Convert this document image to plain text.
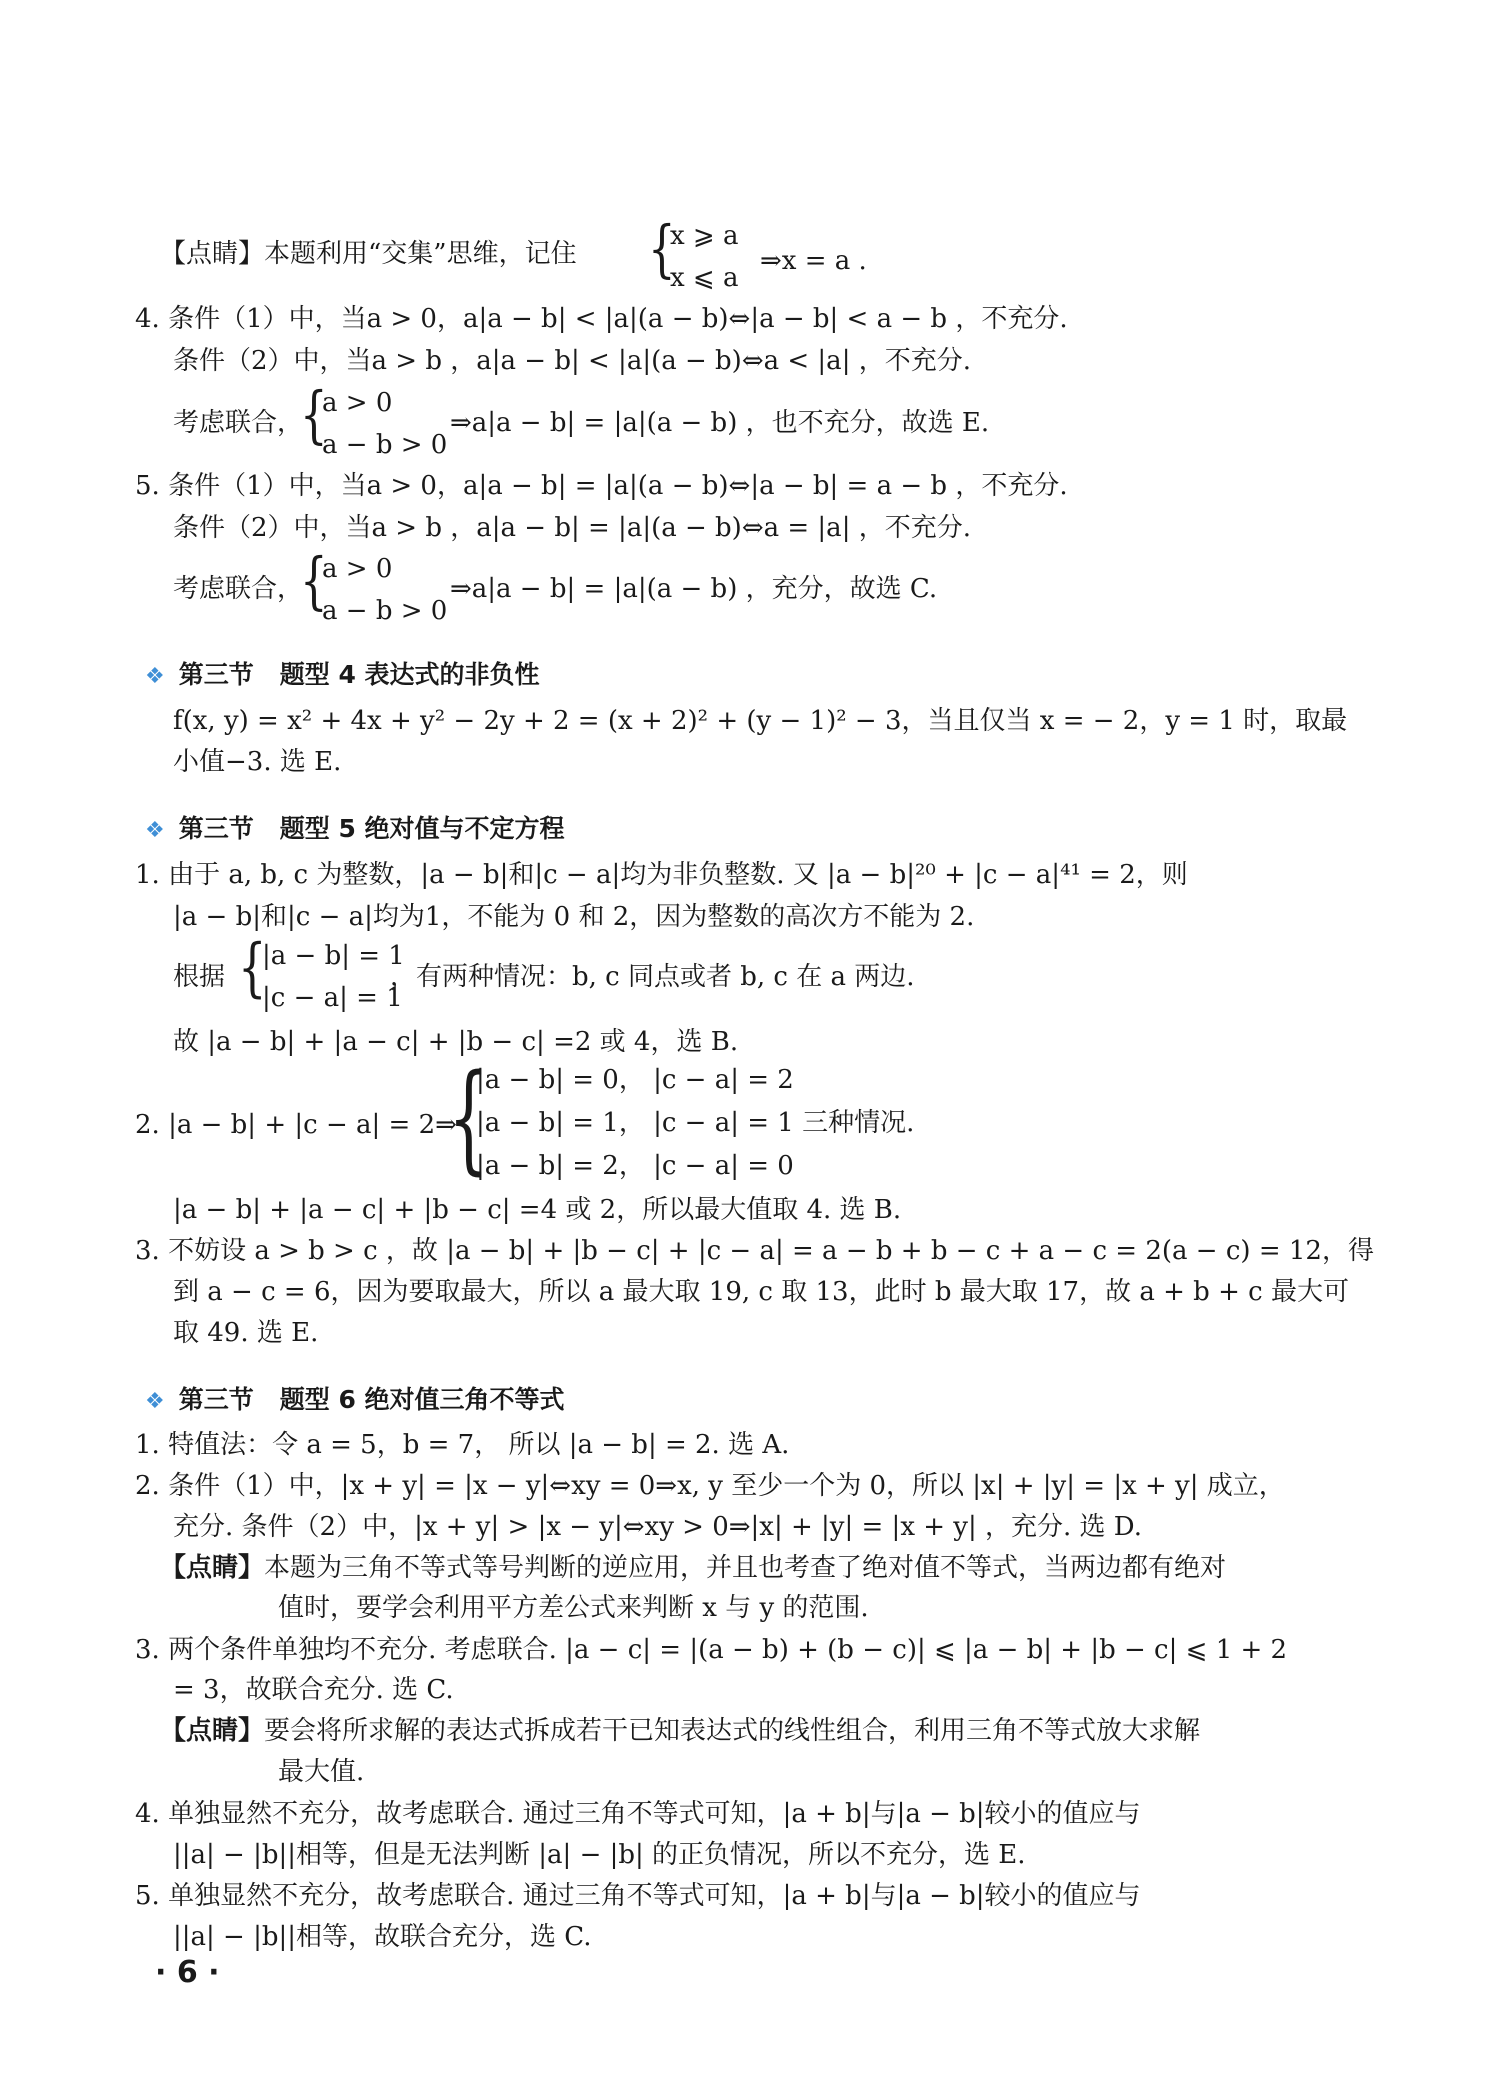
【点睛】本题利用“交集”思维，记住 {
x ⩾ a
x ⩽ a
⇒x = a .
4. 条件（1）中，当a > 0，a|a − b| < |a|(a − b)⇔|a − b| < a − b ，不充分.
条件（2）中，当a > b ，a|a − b| < |a|(a − b)⇔a < |a| ，不充分.
考虑联合，
{
a > 0
a − b > 0
⇒a|a − b| = |a|(a − b) ，也不充分，故选 E.
5. 条件（1）中，当a > 0，a|a − b| = |a|(a − b)⇔|a − b| = a − b ，不充分.
条件（2）中，当a > b ，a|a − b| = |a|(a − b)⇔a = |a| ，不充分.
考虑联合，
{
a > 0
a − b > 0
⇒a|a − b| = |a|(a − b) ，充分，故选 C.
❖ 第三节 题型 4 表达式的非负性
f(x, y) = x² + 4x + y² − 2y + 2 = (x + 2)² + (y − 1)² − 3，当且仅当 x = − 2，y = 1 时，取最
小值−3. 选 E.
❖ 第三节 题型 5 绝对值与不定方程
1. 由于 a, b, c 为整数，|a − b|和|c − a|均为非负整数. 又 |a − b|²⁰ + |c − a|⁴¹ = 2，则
|a − b|和|c − a|均为1，不能为 0 和 2，因为整数的高次方不能为 2.
根据 {
|a − b| = 1
|c − a| = 1
，有两种情况：b, c 同点或者 b, c 在 a 两边.
故 |a − b| + |a − c| + |b − c| =2 或 4，选 B.
2. |a − b| + |c − a| = 2⇒
{
|a − b| = 0， |c − a| = 2
|a − b| = 1， |c − a| = 1 三种情况.
|a − b| = 2， |c − a| = 0
|a − b| + |a − c| + |b − c| =4 或 2，所以最大值取 4. 选 B.
3. 不妨设 a > b > c ，故 |a − b| + |b − c| + |c − a| = a − b + b − c + a − c = 2(a − c) = 12，得
到 a − c = 6，因为要取最大，所以 a 最大取 19, c 取 13，此时 b 最大取 17，故 a + b + c 最大可
取 49. 选 E.
❖ 第三节 题型 6 绝对值三角不等式
1. 特值法：令 a = 5，b = 7， 所以 |a − b| = 2. 选 A.
2. 条件（1）中，|x + y| = |x − y|⇔xy = 0⇒x, y 至少一个为 0，所以 |x| + |y| = |x + y| 成立，
充分. 条件（2）中，|x + y| > |x − y|⇔xy > 0⇒|x| + |y| = |x + y| ，充分. 选 D.
【点睛】本题为三角不等式等号判断的逆应用，并且也考查了绝对值不等式，当两边都有绝对
值时，要学会利用平方差公式来判断 x 与 y 的范围.
3. 两个条件单独均不充分. 考虑联合. |a − c| = |(a − b) + (b − c)| ⩽ |a − b| + |b − c| ⩽ 1 + 2
= 3，故联合充分. 选 C.
【点睛】要会将所求解的表达式拆成若干已知表达式的线性组合，利用三角不等式放大求解
最大值.
4. 单独显然不充分，故考虑联合. 通过三角不等式可知，|a + b|与|a − b|较小的值应与
||a| − |b||相等，但是无法判断 |a| − |b| 的正负情况，所以不充分，选 E.
5. 单独显然不充分，故考虑联合. 通过三角不等式可知，|a + b|与|a − b|较小的值应与
||a| − |b||相等，故联合充分，选 C.
· 6 ·
